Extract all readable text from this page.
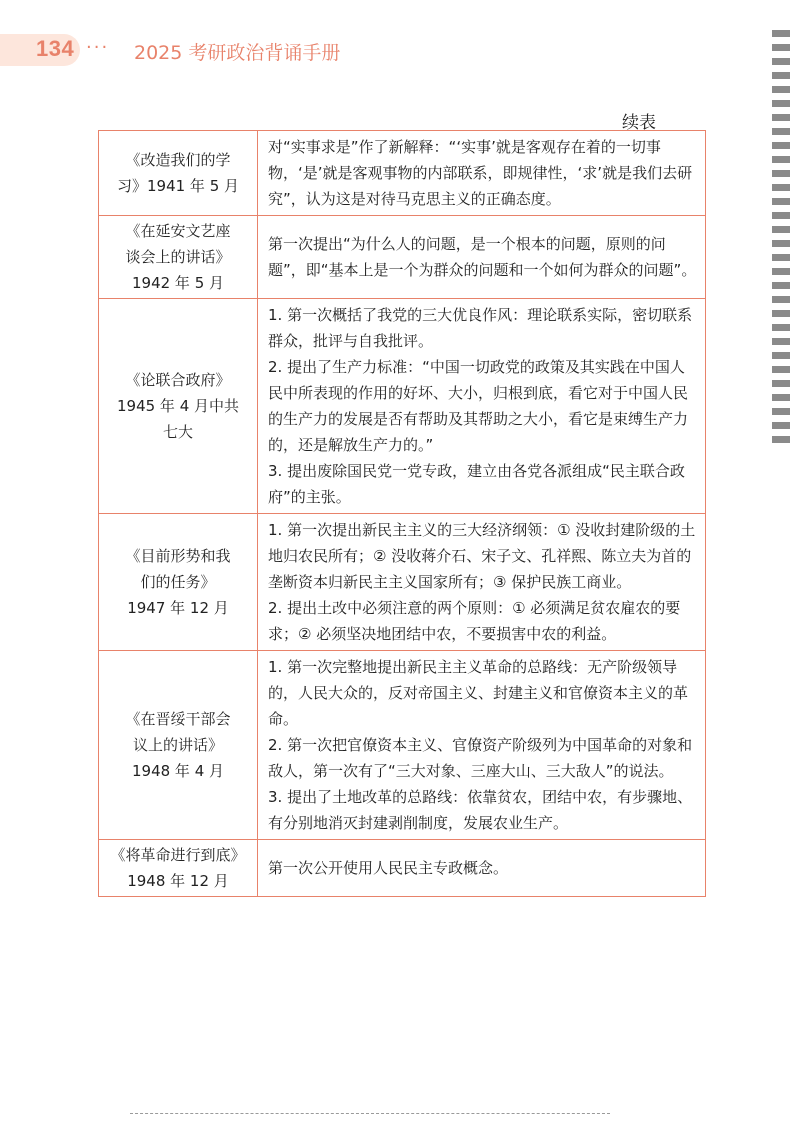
134 ··· 2025 考研政治背诵手册
续表
《改造我们的学
习》1941 年 5 月	对“实事求是”作了新解释：“‘实事’就是客观存在着的一切事物，‘是’就是客观事物的内部联系，即规律性，‘求’就是我们去研究”，认为这是对待马克思主义的正确态度。

《在延安文艺座
谈会上的讲话》
1942 年 5 月	第一次提出“为什么人的问题，是一个根本的问题，原则的问题”，即“基本上是一个为群众的问题和一个如何为群众的问题”。

《论联合政府》
1945 年 4 月中共
七大	1. 第一次概括了我党的三大优良作风：理论联系实际，密切联系群众，批评与自我批评。
2. 提出了生产力标准：“中国一切政党的政策及其实践在中国人民中所表现的作用的好坏、大小，归根到底，看它对于中国人民的生产力的发展是否有帮助及其帮助之大小，看它是束缚生产力的，还是解放生产力的。”
3. 提出废除国民党一党专政，建立由各党各派组成“民主联合政府”的主张。

《目前形势和我
们的任务》
1947 年 12 月	1. 第一次提出新民主主义的三大经济纲领：① 没收封建阶级的土地归农民所有；② 没收蒋介石、宋子文、孔祥熙、陈立夫为首的垄断资本归新民主主义国家所有；③ 保护民族工商业。
2. 提出土改中必须注意的两个原则：① 必须满足贫农雇农的要求；② 必须坚决地团结中农，不要损害中农的利益。

《在晋绥干部会
议上的讲话》
1948 年 4 月	1. 第一次完整地提出新民主主义革命的总路线：无产阶级领导的，人民大众的，反对帝国主义、封建主义和官僚资本主义的革命。
2. 第一次把官僚资本主义、官僚资产阶级列为中国革命的对象和敌人，第一次有了“三大对象、三座大山、三大敌人”的说法。
3. 提出了土地改革的总路线：依靠贫农，团结中农，有步骤地、有分别地消灭封建剥削制度，发展农业生产。

《将革命进行到底》
1948 年 12 月	第一次公开使用人民民主专政概念。
